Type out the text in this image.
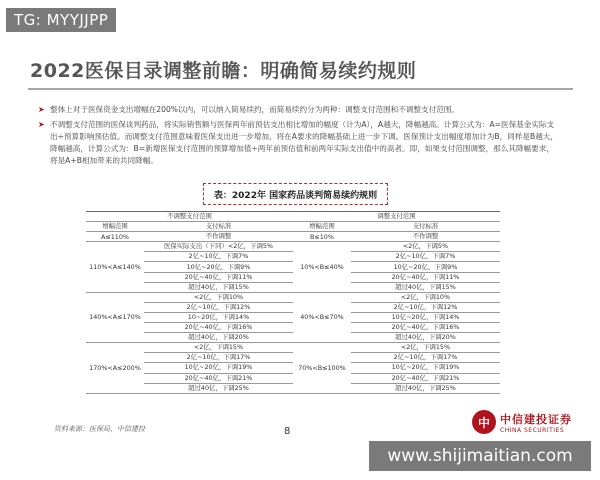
TG: MYYJJPP
2022医保目录调整前瞻：明确简易续约规则
➤ 整体上对于医保资金支出增幅在200%以内，可以纳入简易续约，而简易续约分为两种：调整支付范围和不调整支付范围。
➤ 不调整支付范围的医保谈判药品，将实际销售额与医保两年前预估支出相比增加的幅度（计为A），A越大，降幅越高。计算公式为：A=医保基金实际支出÷预算影响预估值。而调整支付范围意味着医保支出进一步增加，将在A要求的降幅基础上进一步下调。医保预计支出幅度增加计为B，同样是B越大，降幅越高，计算公式为：B=新增医保支付范围的预算增加值÷两年前预估值和前两年实际支出值中的高者。即，如果支付范围调整，那么其降幅要求，将是A+B相加带来的共同降幅。
表：2022年 国家药品谈判简易续约规则
不调整支付范围		调整支付范围	
增幅范围	支付标准	增幅范围	支付标准
A≤110%	不作调整	B≤10%	不作调整
110%<A≤140%	医保实际支出（下同）<2亿，下调5%	10%<B≤40%	<2亿，下调5%
	2亿~10亿，下调7%		2亿~10亿，下调7%
	10亿~20亿，下调9%		10亿~20亿，下调9%
	20亿~40亿，下调11%		20亿~40亿，下调11%
	超过40亿，下调15%		超过40亿，下调15%
140%<A≤170%	<2亿，下调10%	40%<B≤70%	<2亿，下调10%
	2亿~10亿，下调12%		2亿~10亿，下调12%
	10~20亿，下调14%		10亿~20亿，下调14%
	20亿~40亿，下调16%		20亿~40亿，下调16%
	超过40亿，下调20%		超过40亿，下调20%
170%<A≤200%	<2亿，下调15%	70%<B≤100%	<2亿，下调15%
	2亿~10亿，下调17%		2亿~10亿，下调17%
	10亿~20亿，下调19%		10亿~20亿，下调19%
	20亿~40亿，下调21%		20亿~40亿，下调21%
	超过40亿，下调25%		超过40亿，下调25%
资料来源：医保局，中信建投	8
中 中信建投证券
CHINA SECURITIES
www.shijimaitian.com
